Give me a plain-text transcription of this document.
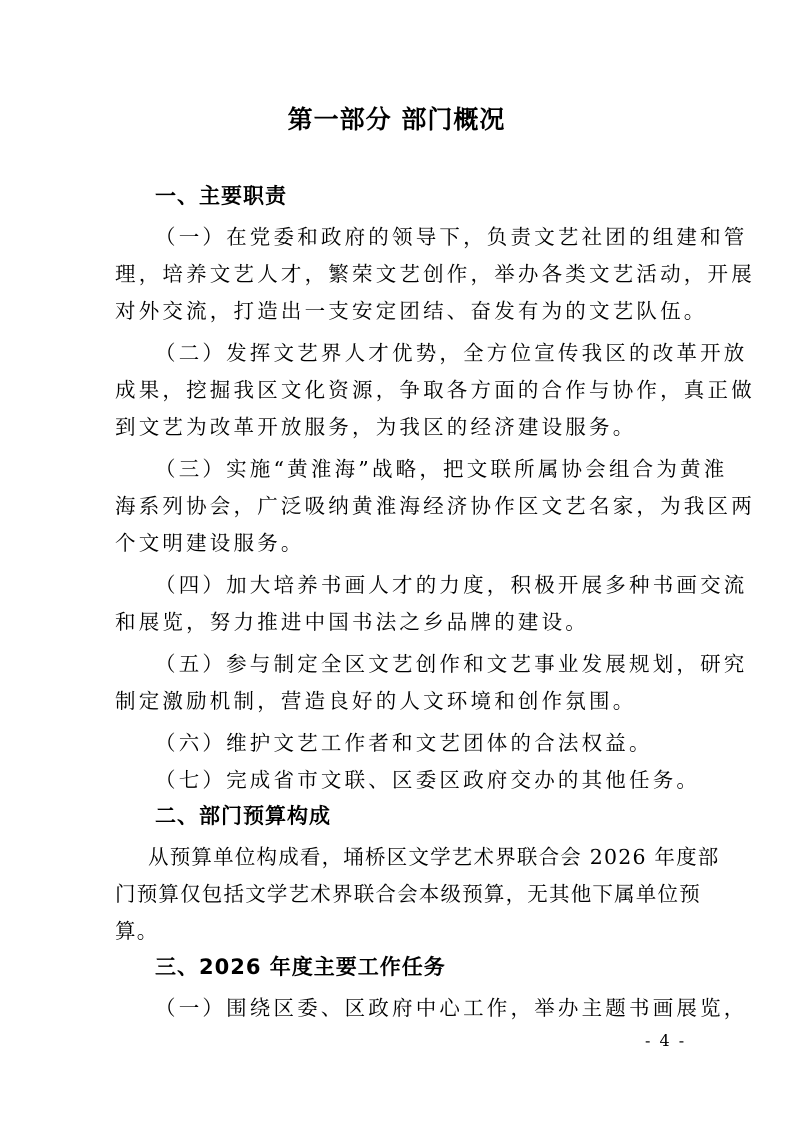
第一部分 部门概况
一、主要职责
（一）在党委和政府的领导下，负责文艺社团的组建和管
理，培养文艺人才，繁荣文艺创作，举办各类文艺活动，开展
对外交流，打造出一支安定团结、奋发有为的文艺队伍。
（二）发挥文艺界人才优势，全方位宣传我区的改革开放
成果，挖掘我区文化资源，争取各方面的合作与协作，真正做
到文艺为改革开放服务，为我区的经济建设服务。
（三）实施“黄淮海”战略，把文联所属协会组合为黄淮
海系列协会，广泛吸纳黄淮海经济协作区文艺名家，为我区两
个文明建设服务。
（四）加大培养书画人才的力度，积极开展多种书画交流
和展览，努力推进中国书法之乡品牌的建设。
（五）参与制定全区文艺创作和文艺事业发展规划，研究
制定激励机制，营造良好的人文环境和创作氛围。
（六）维护文艺工作者和文艺团体的合法权益。
（七）完成省市文联、区委区政府交办的其他任务。
二、部门预算构成
从预算单位构成看，埇桥区文学艺术界联合会 2026 年度部
门预算仅包括文学艺术界联合会本级预算，无其他下属单位预
算。
三、2026 年度主要工作任务
（一）围绕区委、区政府中心工作，举办主题书画展览，
- 4 -
